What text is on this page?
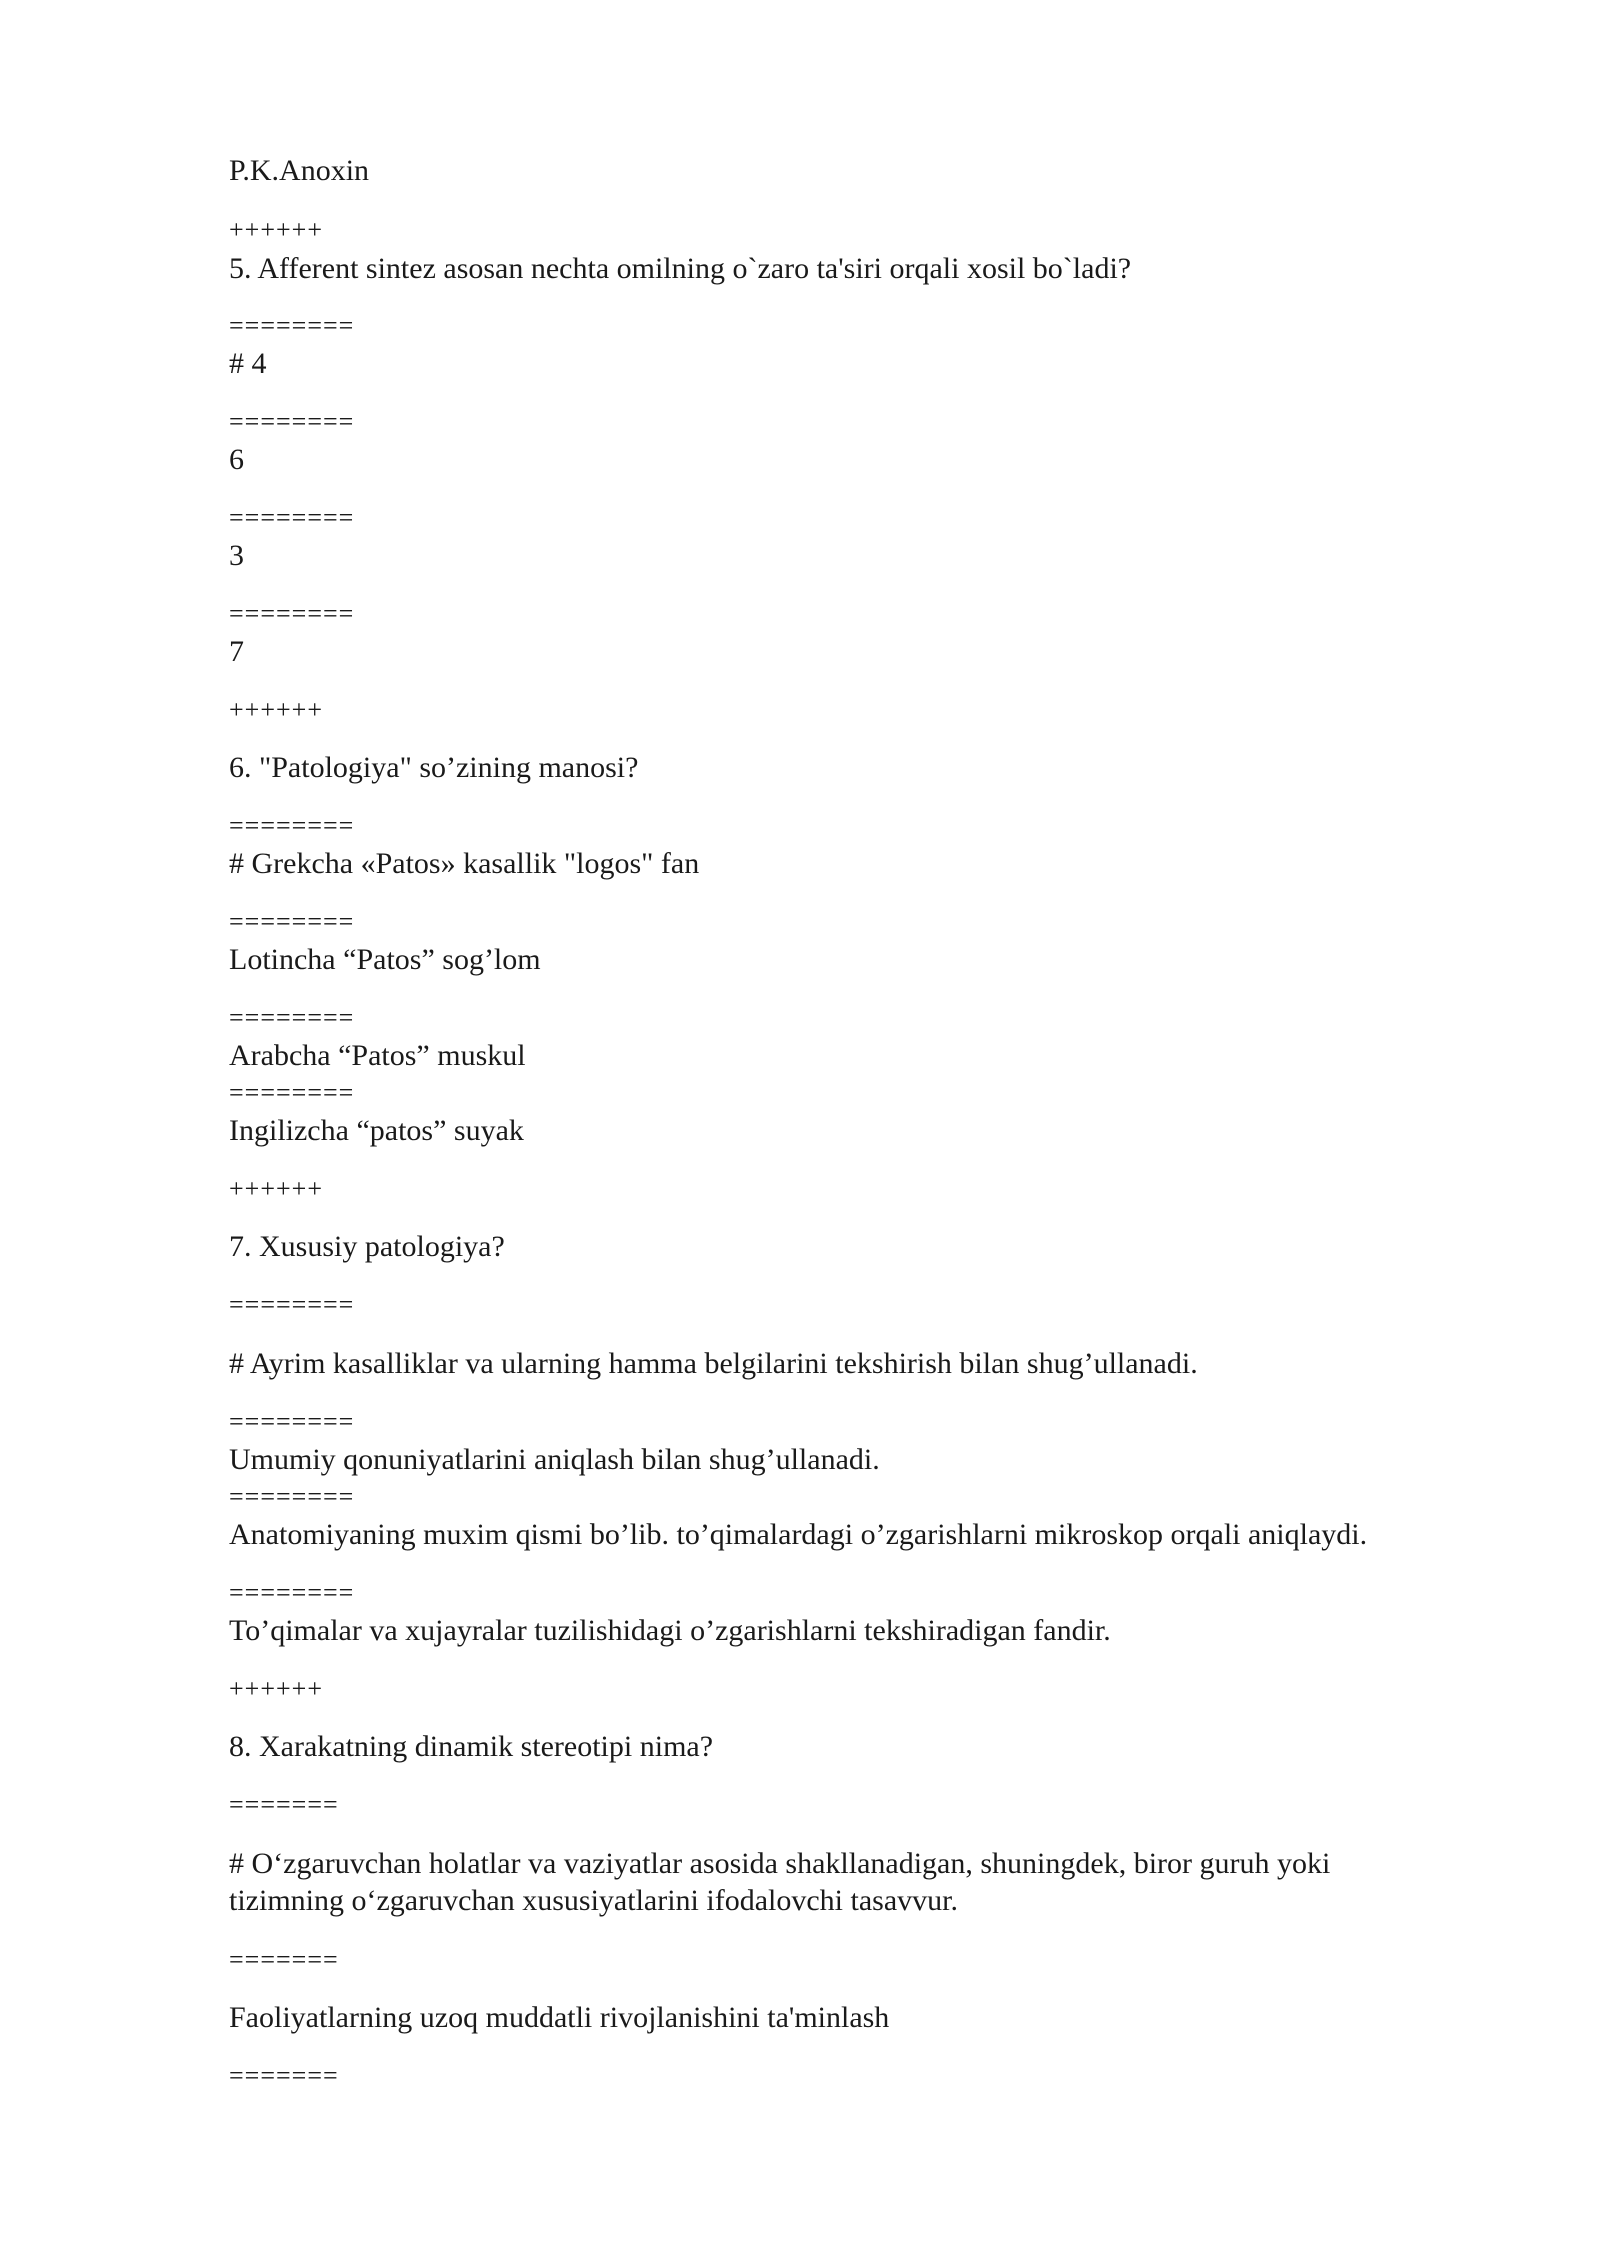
P.K.Anoxin
++++++
5. Afferent sintez asosan nechta omilning o`zaro ta'siri orqali xosil bo`ladi?
========
# 4
========
6
========
3
========
7
++++++
6. "Patologiya" so’zining manosi?
========
# Grekcha «Patos» kasallik "logos" fan
========
Lotincha “Patos” sog’lom
========
Arabcha “Patos” muskul
========
Ingilizcha “patos” suyak
++++++
7. Xususiy patologiya?
========
# Ayrim kasalliklar va ularning hamma belgilarini tekshirish bilan shug’ullanadi.
========
Umumiy qonuniyatlarini aniqlash bilan shug’ullanadi.
========
Anatomiyaning muxim qismi bo’lib. to’qimalardagi o’zgarishlarni mikroskop orqali aniqlaydi.
========
To’qimalar va xujayralar tuzilishidagi o’zgarishlarni tekshiradigan fandir.
++++++
8. Xarakatning dinamik stereotipi nima?
=======
# O‘zgaruvchan holatlar va vaziyatlar asosida shakllanadigan, shuningdek, biror guruh yoki
tizimning o‘zgaruvchan xususiyatlarini ifodalovchi tasavvur.
=======
Faoliyatlarning uzoq muddatli rivojlanishini ta'minlash
=======
